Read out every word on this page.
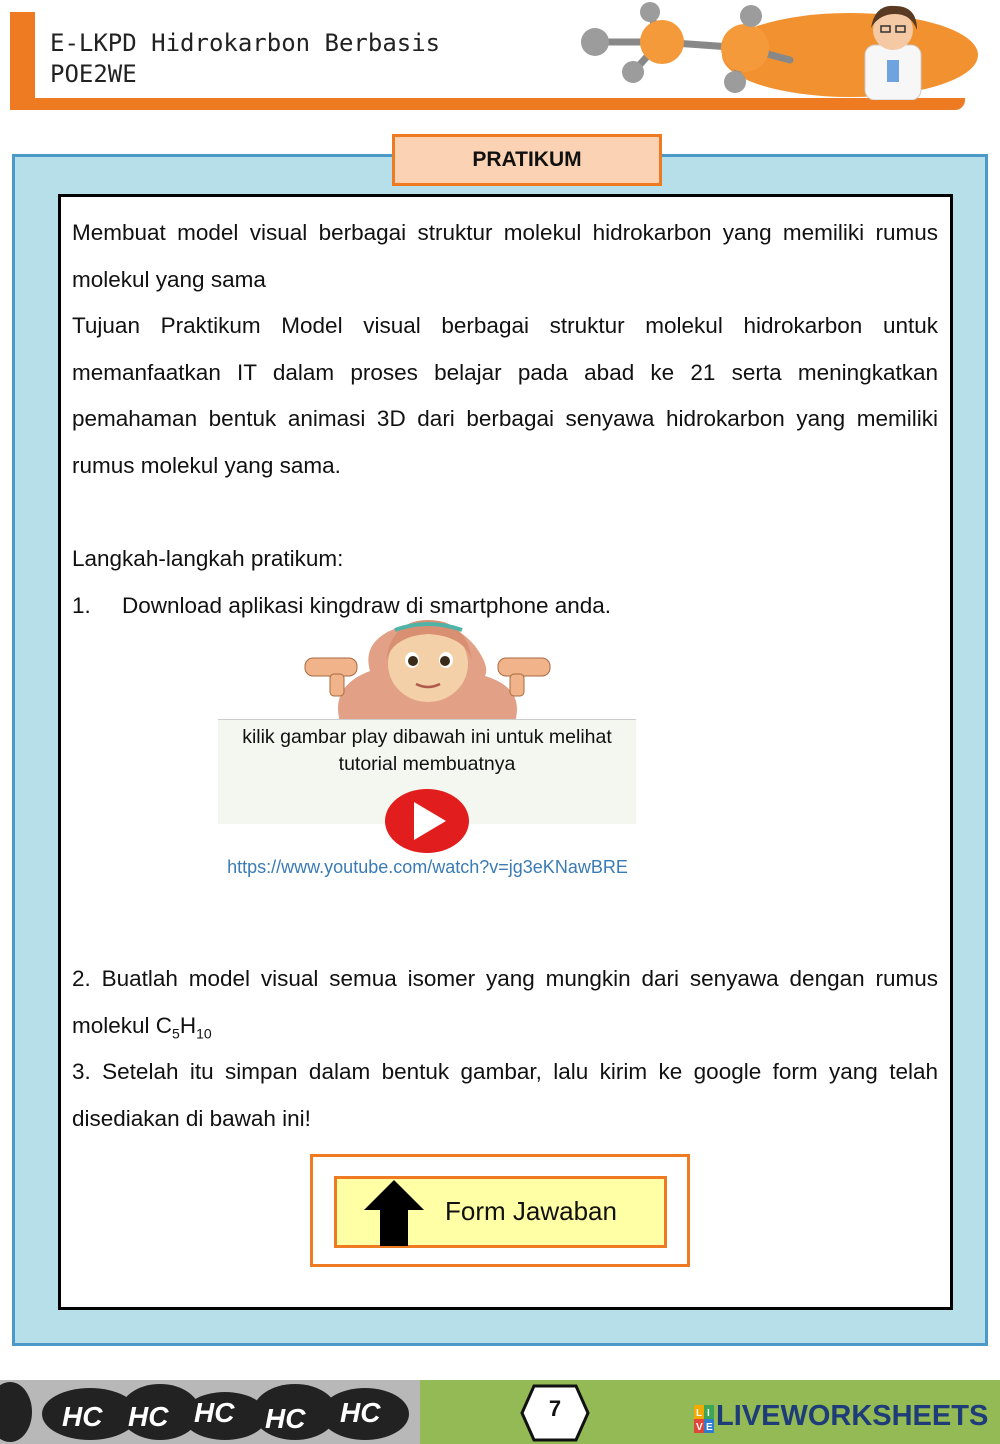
E-LKPD Hidrokarbon Berbasis
POE2WE
PRATIKUM
Membuat model visual berbagai struktur molekul hidrokarbon yang memiliki rumus molekul yang sama
Tujuan Praktikum Model visual berbagai struktur molekul hidrokarbon untuk memanfaatkan IT dalam proses belajar pada abad ke 21 serta meningkatkan pemahaman bentuk animasi 3D dari berbagai senyawa hidrokarbon yang memiliki rumus molekul yang sama.
Langkah-langkah pratikum:
1. Download aplikasi kingdraw di smartphone anda.
kilik gambar play dibawah ini untuk melihat tutorial membuatnya
https://www.youtube.com/watch?v=jg3eKNawBRE
2. Buatlah model visual semua isomer yang mungkin dari senyawa dengan rumus molekul $C_5H_{10}$
3. Setelah itu simpan dalam bentuk gambar, lalu kirim ke google form yang telah disediakan di bawah ini!
Form Jawaban
HC HC HC HC HC	7	L I
V E LIVEWORKSHEETS
